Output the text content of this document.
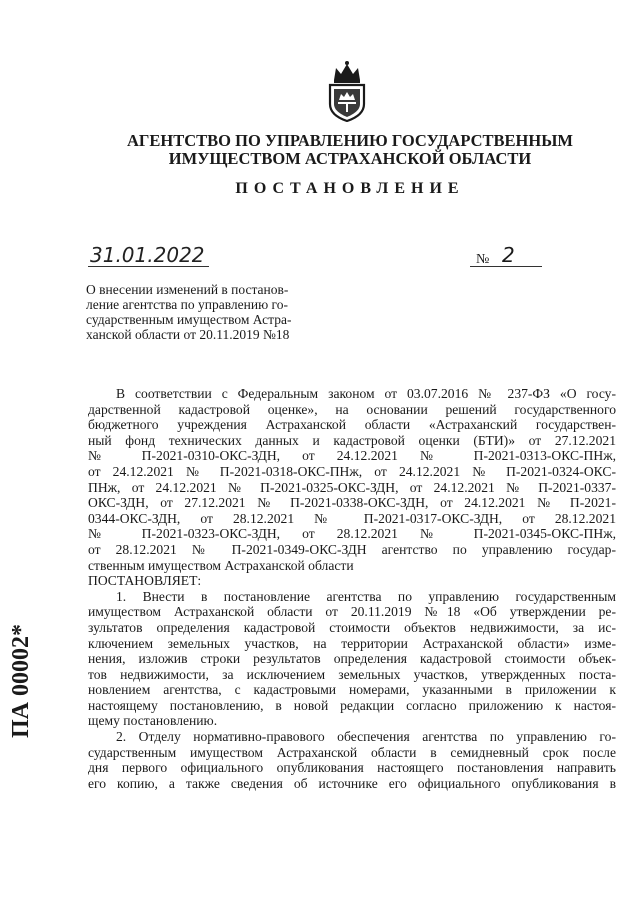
АГЕНТСТВО ПО УПРАВЛЕНИЮ ГОСУДАРСТВЕННЫМ
ИМУЩЕСТВОМ АСТРАХАНСКОЙ ОБЛАСТИ
ПОСТАНОВЛЕНИЕ
31.01.2022	№ 2
О внесении изменений в постанов-
ление агентства по управлению го-
сударственным имуществом Астра-
ханской области от 20.11.2019 №18
В соответствии с Федеральным законом от 03.07.2016 № 237-ФЗ «О госу-
дарственной кадастровой оценке», на основании решений государственного
бюджетного учреждения Астраханской области «Астраханский государствен-
ный фонд технических данных и кадастровой оценки (БТИ)» от 27.12.2021
№ П-2021-0310-ОКС-ЗДН, от 24.12.2021 № П-2021-0313-ОКС-ПНж,
от 24.12.2021 № П-2021-0318-ОКС-ПНж, от 24.12.2021 № П-2021-0324-ОКС-
ПНж, от 24.12.2021 № П-2021-0325-ОКС-ЗДН, от 24.12.2021 № П-2021-0337-
ОКС-ЗДН, от 27.12.2021 № П-2021-0338-ОКС-ЗДН, от 24.12.2021 № П-2021-
0344-ОКС-ЗДН, от 28.12.2021 № П-2021-0317-ОКС-ЗДН, от 28.12.2021
№ П-2021-0323-ОКС-ЗДН, от 28.12.2021 № П-2021-0345-ОКС-ПНж,
от 28.12.2021 № П-2021-0349-ОКС-ЗДН агентство по управлению государ-
ственным имуществом Астраханской области
ПОСТАНОВЛЯЕТ:
1. Внести в постановление агентства по управлению государственным
имуществом Астраханской области от 20.11.2019 №18 «Об утверждении ре-
зультатов определения кадастровой стоимости объектов недвижимости, за ис-
ключением земельных участков, на территории Астраханской области» изме-
нения, изложив строки результатов определения кадастровой стоимости объек-
тов недвижимости, за исключением земельных участков, утвержденных поста-
новлением агентства, с кадастровыми номерами, указанными в приложении к
настоящему постановлению, в новой редакции согласно приложению к настоя-
щему постановлению.
2. Отделу нормативно-правового обеспечения агентства по управлению го-
сударственным имуществом Астраханской области в семидневный срок после
дня первого официального опубликования настоящего постановления направить
его копию, а также сведения об источнике его официального опубликования в
ПА 00002*
